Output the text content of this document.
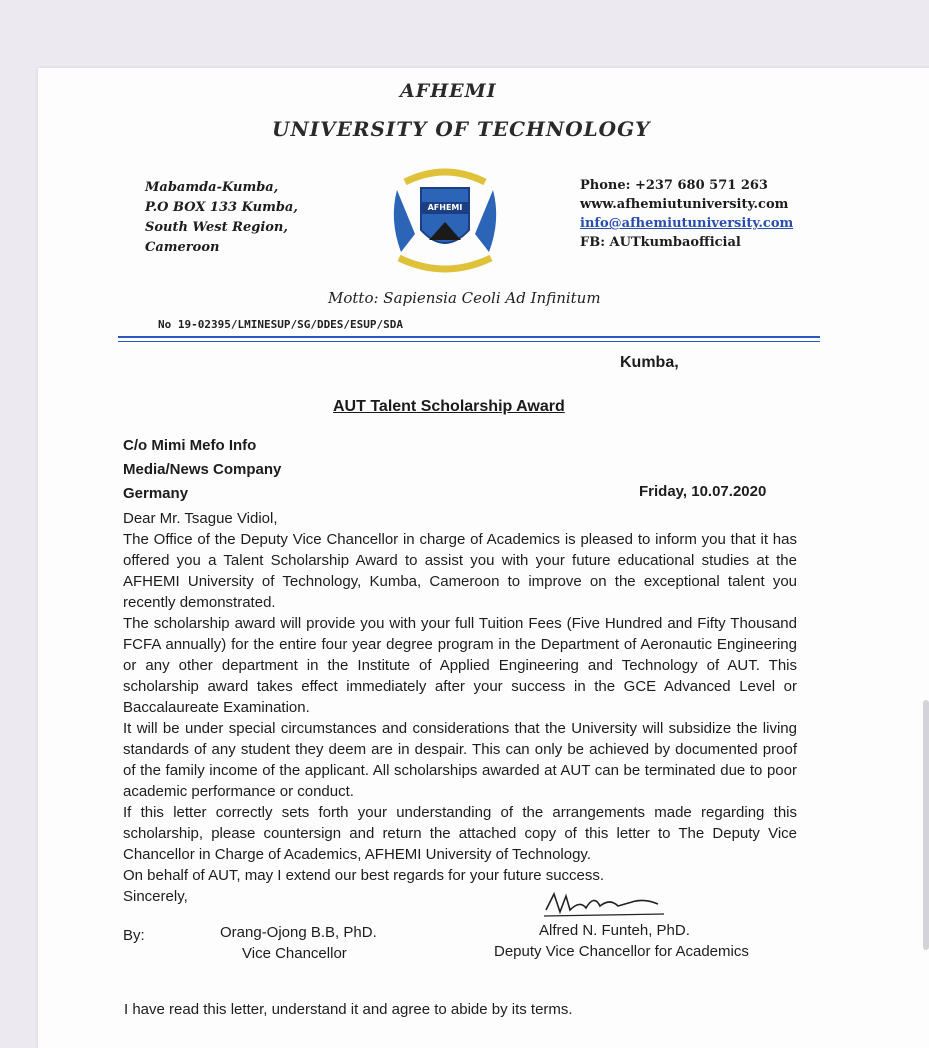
AFHEMI
UNIVERSITY OF TECHNOLOGY
Mabamda-Kumba,
P.O BOX 133 Kumba,
South West Region,
Cameroon
AFHEMI
Phone: +237 680 571 263
www.afhemiutuniversity.com
info@afhemiutuniversity.com
FB: AUTkumbaofficial
Motto: Sapiensia Ceoli Ad Infinitum
No 19-02395/LMINESUP/SG/DDES/ESUP/SDA
Kumba,
AUT Talent Scholarship Award
C/o Mimi Mefo Info
Media/News Company
Germany	Friday, 10.07.2020
Dear Mr. Tsague Vidiol,
The Office of the Deputy Vice Chancellor in charge of Academics is pleased to inform you that it has offered you a Talent Scholarship Award to assist you with your future educational studies at the AFHEMI University of Technology, Kumba, Cameroon to improve on the exceptional talent you recently demonstrated.
The scholarship award will provide you with your full Tuition Fees (Five Hundred and Fifty Thousand FCFA annually) for the entire four year degree program in the Department of Aeronautic Engineering or any other department in the Institute of Applied Engineering and Technology of AUT. This scholarship award takes effect immediately after your success in the GCE Advanced Level or Baccalaureate Examination.
It will be under special circumstances and considerations that the University will subsidize the living standards of any student they deem are in despair. This can only be achieved by documented proof of the family income of the applicant. All scholarships awarded at AUT can be terminated due to poor academic performance or conduct.
If this letter correctly sets forth your understanding of the arrangements made regarding this scholarship, please countersign and return the attached copy of this letter to The Deputy Vice Chancellor in Charge of Academics, AFHEMI University of Technology.
On behalf of AUT, may I extend our best regards for your future success.
Sincerely,
By:	Orang-Ojong B.B, PhD.
Vice Chancellor
Alfred N. Funteh, PhD.
Deputy Vice Chancellor for Academics
I have read this letter, understand it and agree to abide by its terms.
